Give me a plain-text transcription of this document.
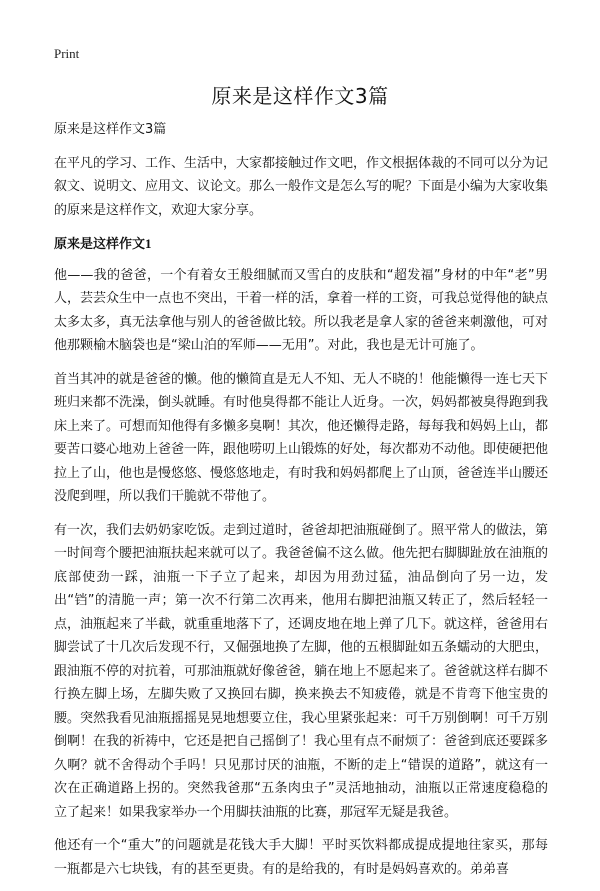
Print
原来是这样作文3篇

原来是这样作文3篇

在平凡的学习、工作、生活中，大家都接触过作文吧，作文根据体裁的不同可以分为记叙文、说明文、应用文、议论文。那么一般作文是怎么写的呢？下面是小编为大家收集的原来是这样作文，欢迎大家分享。

原来是这样作文1

他——我的爸爸，一个有着女王般细腻而又雪白的皮肤和“超发福”身材的中年“老”男人，芸芸众生中一点也不突出，干着一样的活，拿着一样的工资，可我总觉得他的缺点太多太多，真无法拿他与别人的爸爸做比较。所以我老是拿人家的爸爸来刺激他，可对他那颗榆木脑袋也是“梁山泊的军师——无用”。对此，我也是无计可施了。

首当其冲的就是爸爸的懒。他的懒简直是无人不知、无人不晓的！他能懒得一连七天下班归来都不洗澡，倒头就睡。有时他臭得都不能让人近身。一次，妈妈都被臭得跑到我床上来了。可想而知他得有多懒多臭啊！其次，他还懒得走路，每每我和妈妈上山，都要苦口婆心地劝上爸爸一阵，跟他唠叨上山锻炼的好处，每次都劝不动他。即使硬把他拉上了山，他也是慢悠悠、慢悠悠地走，有时我和妈妈都爬上了山顶，爸爸连半山腰还没爬到哩，所以我们干脆就不带他了。

有一次，我们去奶奶家吃饭。走到过道时，爸爸却把油瓶碰倒了。照平常人的做法，第一时间弯个腰把油瓶扶起来就可以了。我爸爸偏不这么做。他先把右脚脚趾放在油瓶的底部使劲一踩，油瓶一下子立了起来，却因为用劲过猛，油品倒向了另一边，发出“铛”的清脆一声；第一次不行第二次再来，他用右脚把油瓶又转正了，然后轻轻一点，油瓶起来了半截，就重重地落下了，还调皮地在地上弹了几下。就这样，爸爸用右脚尝试了十几次后发现不行，又倔强地换了左脚，他的五根脚趾如五条蠕动的大肥虫，跟油瓶不停的对抗着，可那油瓶就好像爸爸，躺在地上不愿起来了。爸爸就这样右脚不行换左脚上场，左脚失败了又换回右脚，换来换去不知疲倦，就是不肯弯下他宝贵的腰。突然我看见油瓶摇摇晃晃地想要立住，我心里紧张起来：可千万别倒啊！可千万别倒啊！在我的祈祷中，它还是把自己摇倒了！我心里有点不耐烦了：爸爸到底还要踩多久啊？就不舍得动个手吗！只见那讨厌的油瓶，不断的走上“错误的道路”，就这有一次在正确道路上拐的。突然我爸那“五条肉虫子”灵活地抽动，油瓶以正常速度稳稳的立了起来！如果我家举办一个用脚扶油瓶的比赛，那冠军无疑是我爸。

他还有一个“重大”的问题就是花钱大手大脚！平时买饮料都成提成提地往家买，那每一瓶都是六七块钱，有的甚至更贵。有的是给我的，有时是妈妈喜欢的。弟弟喜
